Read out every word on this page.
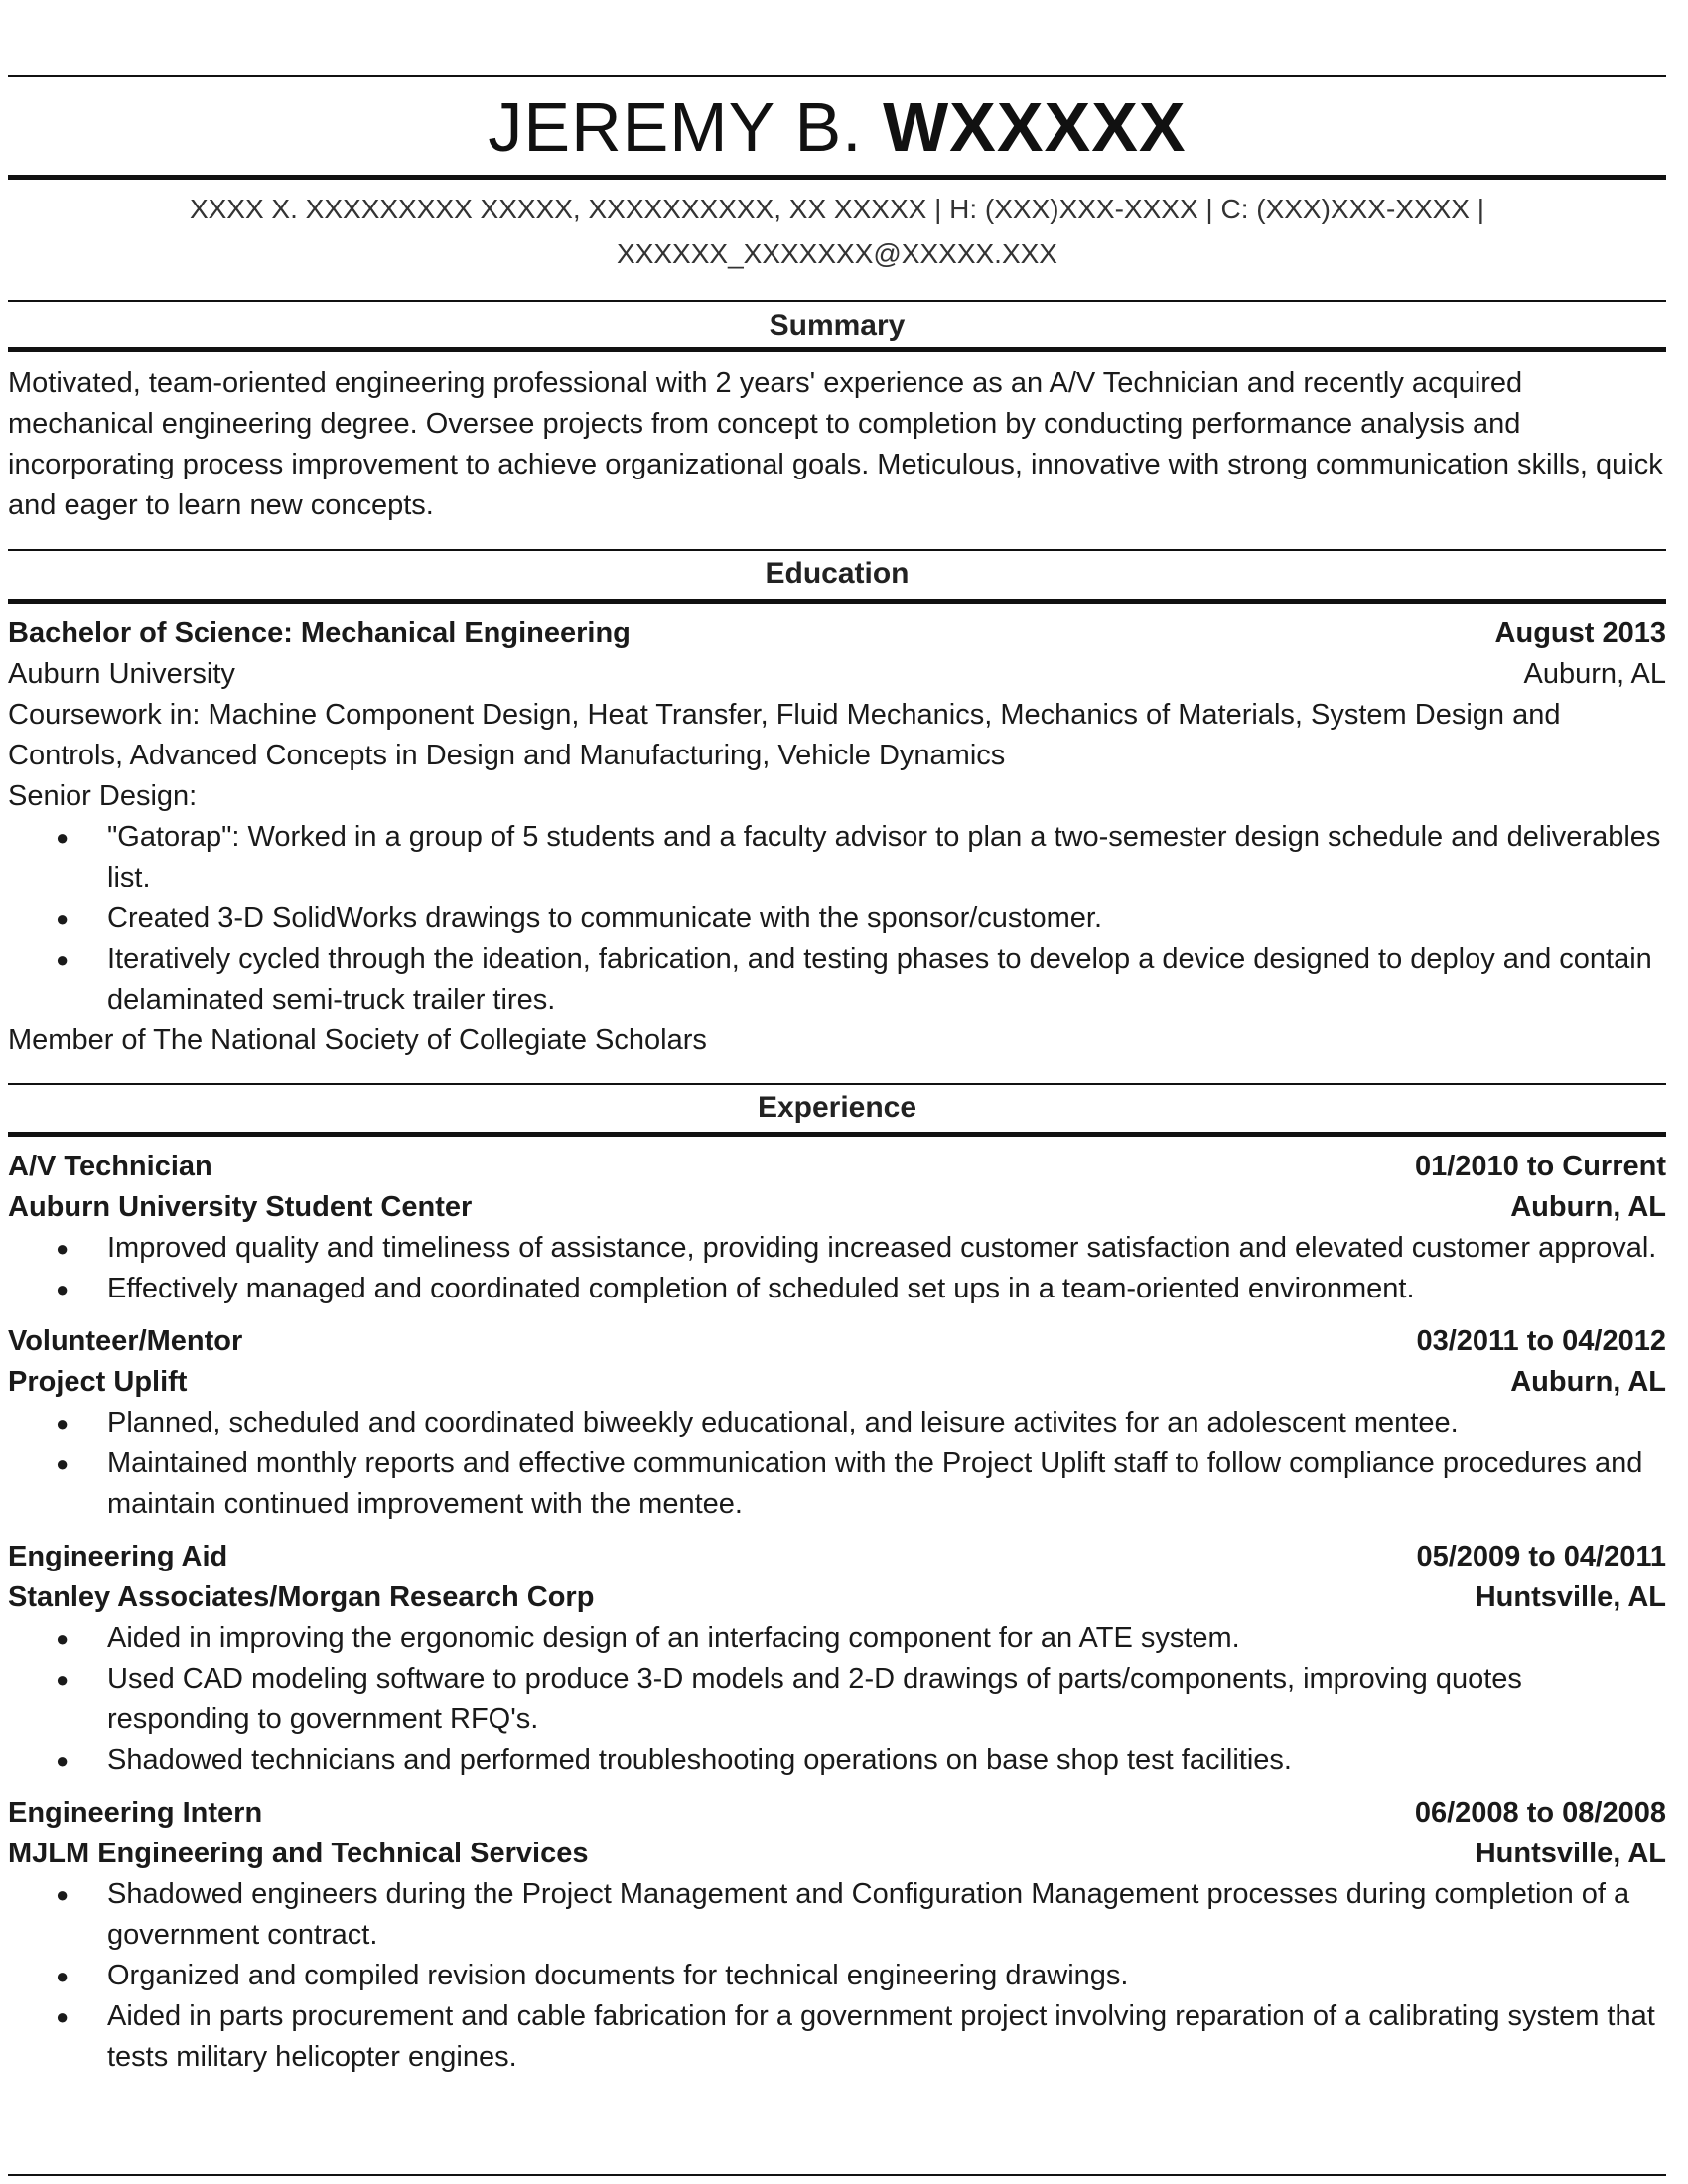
JEREMY B. WXXXXX
XXXX X. XXXXXXXXX XXXXX, XXXXXXXXXX, XX XXXXX | H: (XXX)XXX-XXXX | C: (XXX)XXX-XXXX |
XXXXXX_XXXXXXX@XXXXX.XXX
Summary

Motivated, team-oriented engineering professional with 2 years' experience as an A/V Technician and recently acquired mechanical engineering degree. Oversee projects from concept to completion by conducting performance analysis and incorporating process improvement to achieve organizational goals. Meticulous, innovative with strong communication skills, quick and eager to learn new concepts.

Education
Bachelor of Science: Mechanical Engineering	August 2013
Auburn University	Auburn, AL

Coursework in: Machine Component Design, Heat Transfer, Fluid Mechanics, Mechanics of Materials, System Design and Controls, Advanced Concepts in Design and Manufacturing, Vehicle Dynamics

Senior Design:
● "Gatorap": Worked in a group of 5 students and a faculty advisor to plan a two-semester design schedule and deliverables list.
● Created 3-D SolidWorks drawings to communicate with the sponsor/customer.
● Iteratively cycled through the ideation, fabrication, and testing phases to develop a device designed to deploy and contain delaminated semi-truck trailer tires.
Member of The National Society of Collegiate Scholars
Experience
A/V Technician	01/2010 to Current
Auburn University Student Center	Auburn, AL
● Improved quality and timeliness of assistance, providing increased customer satisfaction and elevated customer approval.
● Effectively managed and coordinated completion of scheduled set ups in a team-oriented environment.
Volunteer/Mentor	03/2011 to 04/2012
Project Uplift	Auburn, AL
● Planned, scheduled and coordinated biweekly educational, and leisure activites for an adolescent mentee.
● Maintained monthly reports and effective communication with the Project Uplift staff to follow compliance procedures and maintain continued improvement with the mentee.
Engineering Aid	05/2009 to 04/2011
Stanley Associates/Morgan Research Corp	Huntsville, AL
● Aided in improving the ergonomic design of an interfacing component for an ATE system.
● Used CAD modeling software to produce 3-D models and 2-D drawings of parts/components, improving quotes responding to government RFQ's.
● Shadowed technicians and performed troubleshooting operations on base shop test facilities.
Engineering Intern	06/2008 to 08/2008
MJLM Engineering and Technical Services	Huntsville, AL
● Shadowed engineers during the Project Management and Configuration Management processes during completion of a government contract.
● Organized and compiled revision documents for technical engineering drawings.
● Aided in parts procurement and cable fabrication for a government project involving reparation of a calibrating system that tests military helicopter engines.
